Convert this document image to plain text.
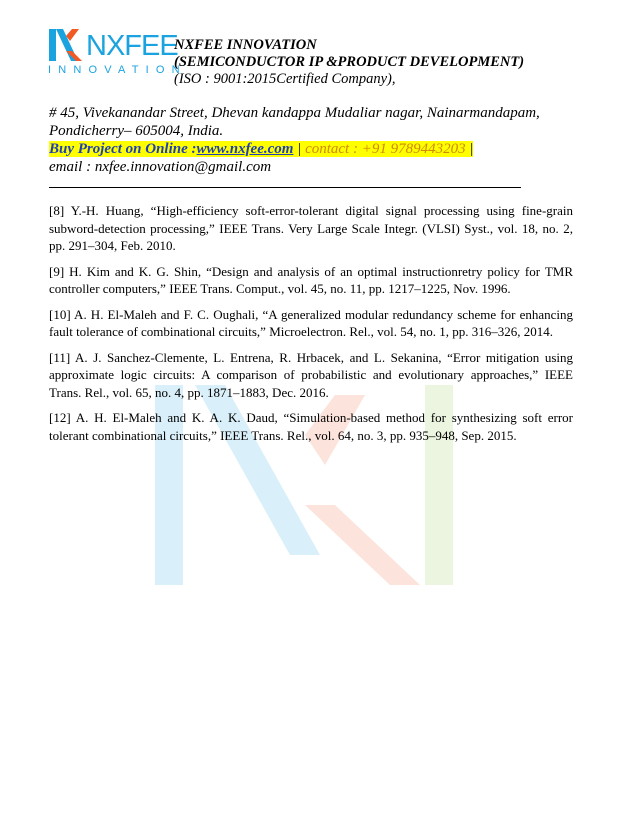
NXFEE
INNOVATION
NXFEE INNOVATION
(SEMICONDUCTOR IP &PRODUCT DEVELOPMENT)
(ISO : 9001:2015Certified Company),
# 45, Vivekanandar Street, Dhevan kandappa Mudaliar nagar, Nainarmandapam,
Pondicherry– 605004, India.
Buy Project on Online :www.nxfee.com | contact : +91 9789443203 |
email : nxfee.innovation@gmail.com

[8] Y.-H. Huang, “High-efficiency soft-error-tolerant digital signal processing using fine-grain subword-detection processing,” IEEE Trans. Very Large Scale Integr. (VLSI) Syst., vol. 18, no. 2, pp. 291–304, Feb. 2010.

[9] H. Kim and K. G. Shin, “Design and analysis of an optimal instructionretry policy for TMR controller computers,” IEEE Trans. Comput., vol. 45, no. 11, pp. 1217–1225, Nov. 1996.

[10] A. H. El-Maleh and F. C. Oughali, “A generalized modular redundancy scheme for enhancing fault tolerance of combinational circuits,” Microelectron. Rel., vol. 54, no. 1, pp. 316–326, 2014.

[11] A. J. Sanchez-Clemente, L. Entrena, R. Hrbacek, and L. Sekanina, “Error mitigation using approximate logic circuits: A comparison of probabilistic and evolutionary approaches,” IEEE Trans. Rel., vol. 65, no. 4, pp. 1871–1883, Dec. 2016.

[12] A. H. El-Maleh and K. A. K. Daud, “Simulation-based method for synthesizing soft error tolerant combinational circuits,” IEEE Trans. Rel., vol. 64, no. 3, pp. 935–948, Sep. 2015.
